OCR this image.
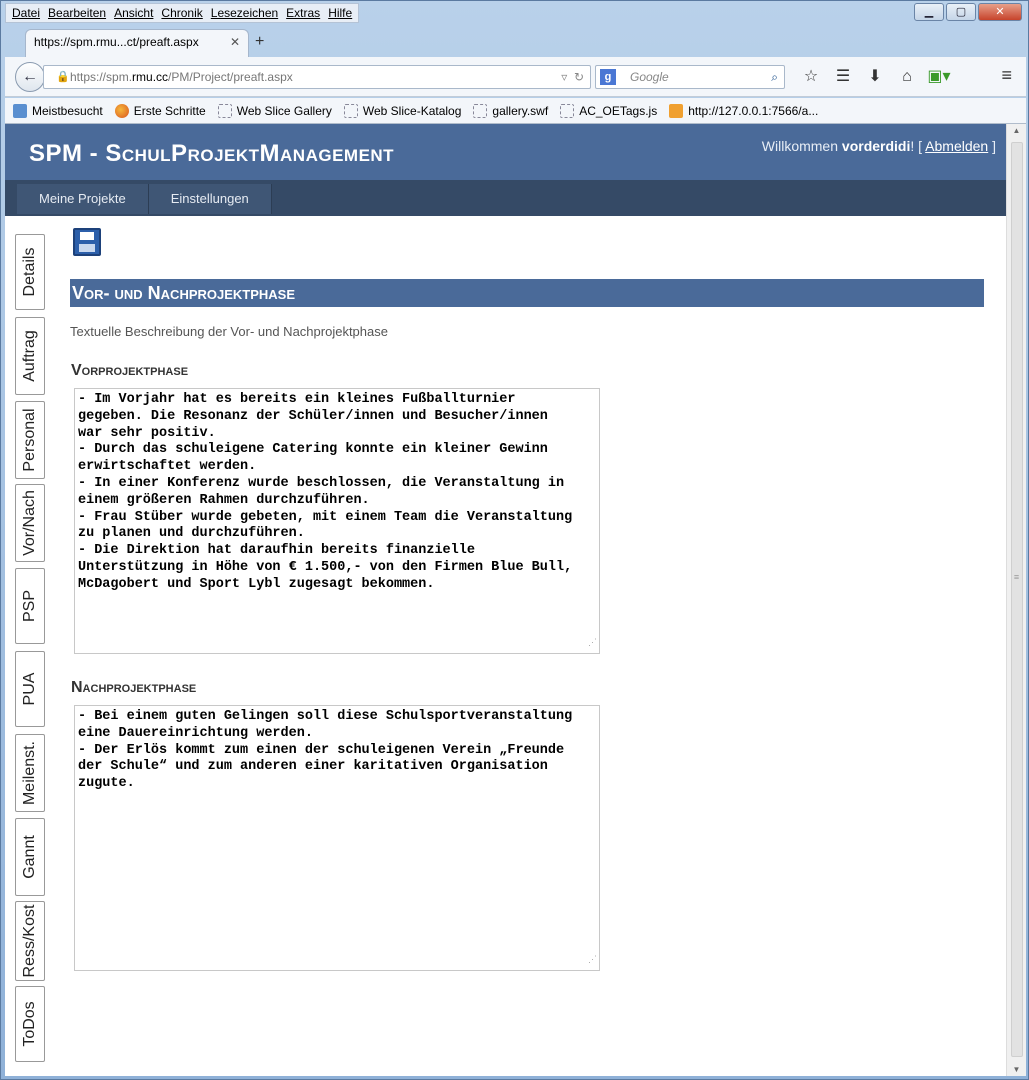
Datei Bearbeiten Ansicht Chronik Lesezeichen Extras Hilfe	▁	▢	✕
https://spm.rmu...ct/preaft.aspx	✕ +
←	🔒 https://spm.rmu.cc/PM/Project/preaft.aspx	▿  ↻	g	Google	⌕	☆	☰	⬇	⌂ ▣▾	≡
Meistbesucht	Erste Schritte	Web Slice Gallery	Web Slice-Katalog	gallery.swf	AC_OETags.js	http://127.0.0.1:7566/a...
SPM - SchulProjektManagement	Willkommen vorderdidi! [ Abmelden ]
Meine Projekte	Einstellungen
Details
Auftrag
Personal
Vor/Nach
PSP
PUA
Meilenst.
Gannt
Ress/Kost
ToDos
Vor- und Nachprojektphase
Textuelle Beschreibung der Vor- und Nachprojektphase
Vorprojektphase
- Im Vorjahr hat es bereits ein kleines Fußballturnier
gegeben. Die Resonanz der Schüler/innen und Besucher/innen
war sehr positiv.
- Durch das schuleigene Catering konnte ein kleiner Gewinn
erwirtschaftet werden.
- In einer Konferenz wurde beschlossen, die Veranstaltung in
einem größeren Rahmen durchzuführen.
- Frau Stüber wurde gebeten, mit einem Team die Veranstaltung
zu planen und durchzuführen.
- Die Direktion hat daraufhin bereits finanzielle
Unterstützung in Höhe von € 1.500,- von den Firmen Blue Bull,
McDagobert und Sport Lybl zugesagt bekommen.
⋰
Nachprojektphase
- Bei einem guten Gelingen soll diese Schulsportveranstaltung
eine Dauereinrichtung werden.
- Der Erlös kommt zum einen der schuleigenen Verein „Freunde
der Schule“ und zum anderen einer karitativen Organisation
zugute.
⋰
▲
≡
▼
